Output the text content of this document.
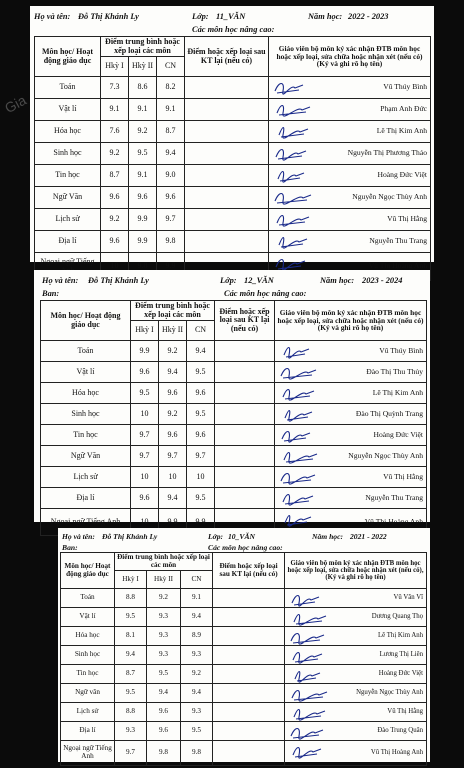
Họ và tên: Đỗ Thị Khánh Ly	Lớp: 11_VĂN	Năm học: 2022 - 2023
Các môn học nâng cao:
Môn học/ Hoạt động giáo dục	Điểm trung bình hoặc xếp loại các môn			Điểm hoặc xếp loại sau KT lại (nếu có)	Giáo viên bộ môn ký xác nhận ĐTB môn học hoặc xếp loại, sửa chữa hoặc nhận xét (nếu có) (Ký và ghi rõ họ tên)
	Hkỳ I	Hkỳ II	CN		
Toán	7.3	8.6	8.2		Vũ Thúy Bình
Vật lí	9.1	9.1	9.1		Phạm Anh Đức
Hóa học	7.6	9.2	8.7		Lê Thị Kim Anh
Sinh học	9.2	9.5	9.4		Nguyễn Thị Phương Thảo
Tin học	8.7	9.1	9.0		Hoàng Đức Việt
Ngữ Văn	9.6	9.6	9.6		Nguyễn Ngọc Thùy Anh
Lịch sử	9.2	9.9	9.7		Vũ Thị Hằng
Địa lí	9.6	9.9	9.8		Nguyễn Thu Trang
Ngoại ngữ Tiếng	10	9.8	9.9		Vũ Thị Hoàng Anh
Họ và tên: Đỗ Thị Khánh Ly	Lớp: 12_VĂN	Năm học: 2023 - 2024
Ban:	Các môn học nâng cao:
Môn học/ Hoạt động giáo dục	Điểm trung bình hoặc xếp loại các môn			Điểm hoặc xếp loại sau KT lại (nếu có)	Giáo viên bộ môn ký xác nhận ĐTB môn học hoặc xếp loại, sửa chữa hoặc nhận xét (nếu có) (Ký và ghi rõ họ tên)
	Hkỳ I	Hkỳ II	CN		
Toán	9.9	9.2	9.4		Vũ Thúy Bình
Vật lí	9.6	9.4	9.5		Đào Thị Thu Thủy
Hóa học	9.5	9.6	9.6		Lê Thị Kim Anh
Sinh học	10	9.2	9.5		Đào Thị Quỳnh Trang
Tin học	9.7	9.6	9.6		Hoàng Đức Việt
Ngữ Văn	9.7	9.7	9.7		Nguyễn Ngọc Thùy Anh
Lịch sử	10	10	10		Vũ Thị Hằng
Địa lí	9.6	9.4	9.5		Nguyễn Thu Trang
Ngoại ngữ Tiếng Anh	10	9.9	9.9		Vũ Thị Hoàng Anh
Họ và tên: Đỗ Thị Khánh Ly	Lớp: 10_VĂN	Năm học: 2021 - 2022
Ban:	Các môn học nâng cao:
Môn học/ Hoạt động giáo dục	Điểm trung bình hoặc xếp loại các môn			Điểm hoặc xếp loại sau KT lại (nếu có)	Giáo viên bộ môn ký xác nhận ĐTB môn học hoặc xếp loại, sửa chữa hoặc nhận xét (nếu có), (Ký và ghi rõ họ tên)
	Hkỳ I	Hkỳ II	CN		
Toán	8.8	9.2	9.1		Vũ Văn Vĩ
Vật lí	9.5	9.3	9.4		Dương Quang Thọ
Hóa học	8.1	9.3	8.9		Lê Thị Kim Anh
Sinh học	9.4	9.3	9.3		Lương Thị Liên
Tin học	8.7	9.5	9.2		Hoàng Đức Việt
Ngữ văn	9.5	9.4	9.4		Nguyễn Ngọc Thùy Anh
Lịch sử	8.8	9.6	9.3		Vũ Thị Hằng
Địa lí	9.3	9.6	9.5		Đào Trung Quân
Ngoại ngữ Tiếng Anh	9.7	9.8	9.8		Vũ Thị Hoàng Anh
Gia
